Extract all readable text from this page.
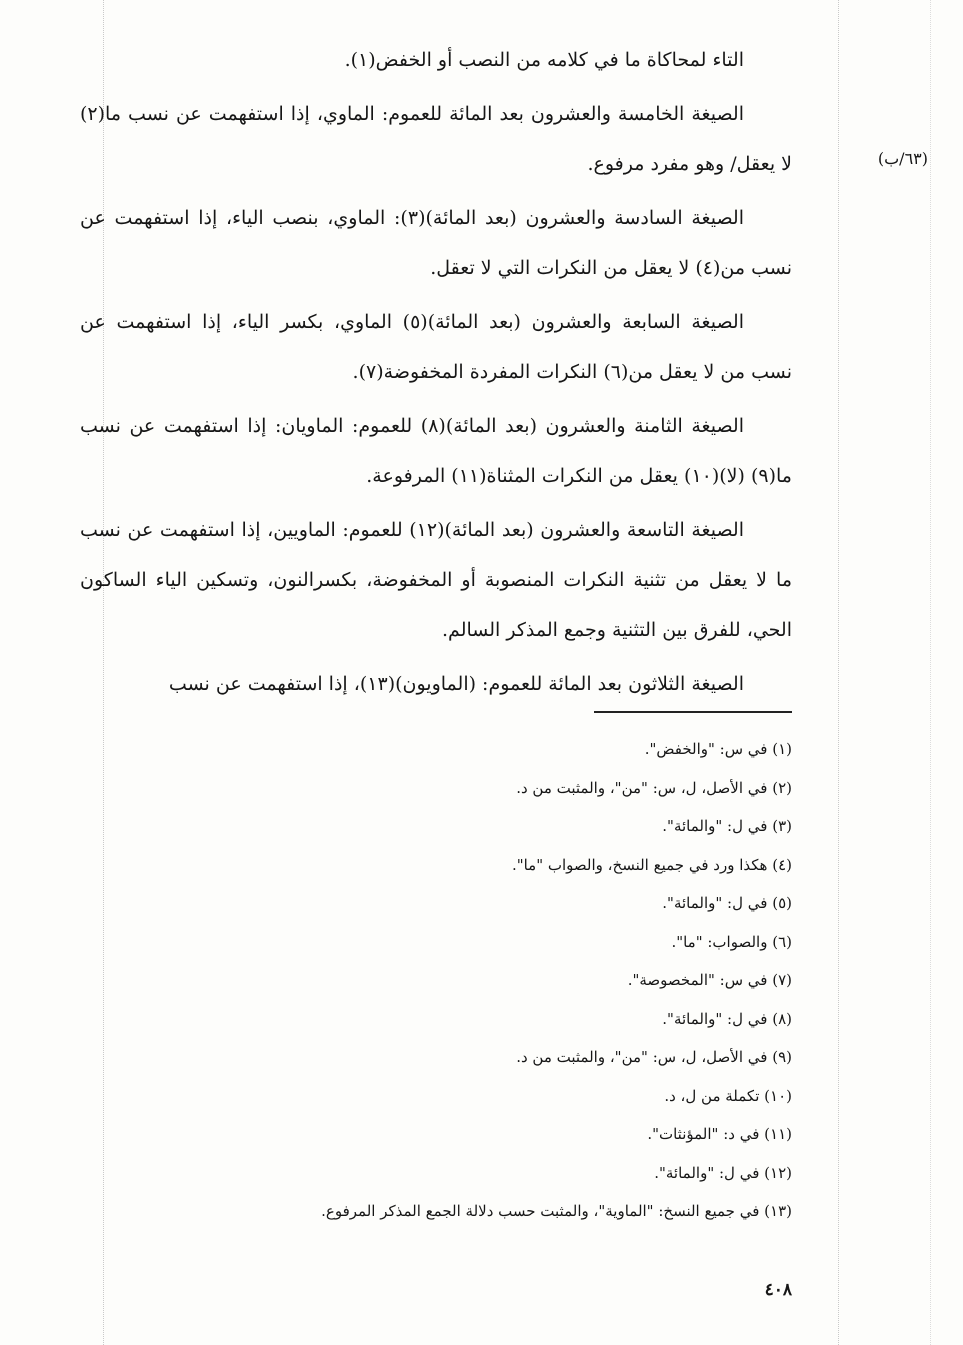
(٦٣/ب)

التاء لمحاكاة ما في كلامه من النصب أو الخفض(١).

الصيغة الخامسة والعشرون بعد المائة للعموم: الماوي، إذا استفهمت عن نسب ما(٢) لا يعقل/ وهو مفرد مرفوع.

الصيغة السادسة والعشرون (بعد المائة)(٣): الماوي، بنصب الياء، إذا استفهمت عن نسب من(٤) لا يعقل من النكرات التي لا تعقل.

الصيغة السابعة والعشرون (بعد المائة)(٥) الماوي، بكسر الياء، إذا استفهمت عن نسب من لا يعقل من(٦) النكرات المفردة المخفوضة(٧).

الصيغة الثامنة والعشرون (بعد المائة)(٨) للعموم: الماويان: إذا استفهمت عن نسب ما(٩) (لا)(١٠) يعقل من النكرات المثناة(١١) المرفوعة.

الصيغة التاسعة والعشرون (بعد المائة)(١٢) للعموم: الماويين، إذا استفهمت عن نسب ما لا يعقل من تثنية النكرات المنصوبة أو المخفوضة، بكسرالنون، وتسكين الياء الساكون الحي، للفرق بين التثنية وجمع المذكر السالم.

الصيغة الثلاثون بعد المائة للعموم: (الماويون)(١٣)، إذا استفهمت عن نسب

(١) في س: "والخفض".
(٢) في الأصل، ل، س: "من"، والمثبت من د.
(٣) في ل: "والمائة".
(٤) هكذا ورد في جميع النسخ، والصواب "ما".
(٥) في ل: "والمائة".
(٦) والصواب: "ما".
(٧) في س: "المخصوصة".
(٨) في ل: "والمائة".
(٩) في الأصل، ل، س: "من"، والمثبت من د.
(١٠) تكملة من ل، د.
(١١) في د: "المؤنثات".
(١٢) في ل: "والمائة".
(١٣) في جميع النسخ: "الماوية"، والمثبت حسب دلالة الجمع المذكر المرفوع.
٤٠٨
